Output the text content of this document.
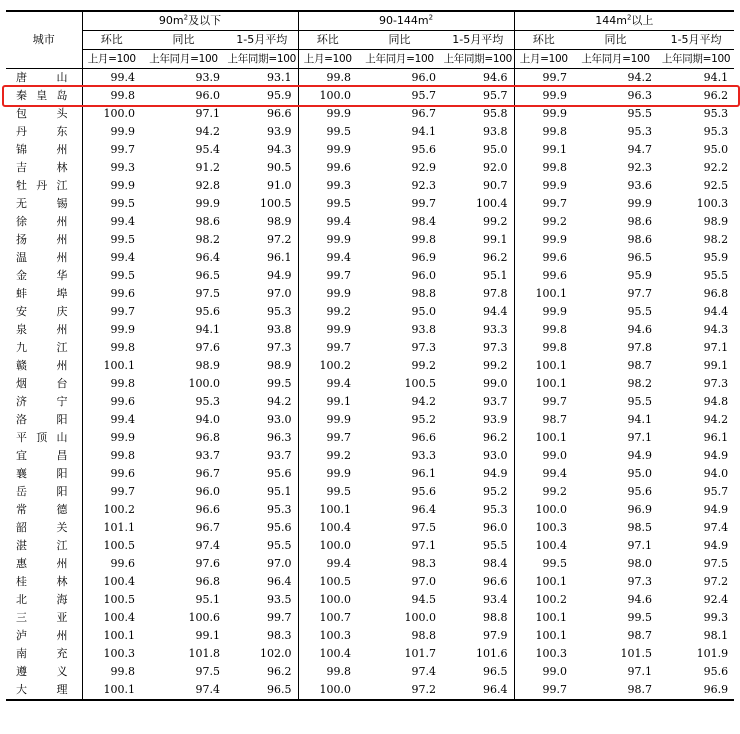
城市	$90m^2$及以下			$90-144m^2$			$144m^2$以上		
	环比	同比	1-5月平均	环比	同比	1-5月平均	环比	同比	1-5月平均
	上月=100	上年同月=100	上年同期=100	上月=100	上年同月=100	上年同期=100	上月=100	上年同月=100	上年同期=100

唐 山	99.4	93.9	93.1	99.8	96.0	94.6	99.7	94.2	94.1

秦 皇 岛	99.8	96.0	95.9	100.0	95.7	95.7	99.9	96.3	96.2

包 头	100.0	97.1	96.6	99.9	96.7	95.8	99.9	95.5	95.3

丹 东	99.9	94.2	93.9	99.5	94.1	93.8	99.8	95.3	95.3

锦 州	99.7	95.4	94.3	99.9	95.6	95.0	99.1	94.7	95.0

吉 林	99.3	91.2	90.5	99.6	92.9	92.0	99.8	92.3	92.2

牡 丹 江	99.9	92.8	91.0	99.3	92.3	90.7	99.9	93.6	92.5

无 锡	99.5	99.9	100.5	99.5	99.7	100.4	99.7	99.9	100.3

徐 州	99.4	98.6	98.9	99.4	98.4	99.2	99.2	98.6	98.9

扬 州	99.5	98.2	97.2	99.9	99.8	99.1	99.9	98.6	98.2

温 州	99.4	96.4	96.1	99.4	96.9	96.2	99.6	96.5	95.9

金 华	99.5	96.5	94.9	99.7	96.0	95.1	99.6	95.9	95.5

蚌 埠	99.6	97.5	97.0	99.9	98.8	97.8	100.1	97.7	96.8

安 庆	99.7	95.6	95.3	99.2	95.0	94.4	99.9	95.5	94.4

泉 州	99.9	94.1	93.8	99.9	93.8	93.3	99.8	94.6	94.3

九 江	99.8	97.6	97.3	99.7	97.3	97.3	99.8	97.8	97.1

赣 州	100.1	98.9	98.9	100.2	99.2	99.2	100.1	98.7	99.1

烟 台	99.8	100.0	99.5	99.4	100.5	99.0	100.1	98.2	97.3

济 宁	99.6	95.3	94.2	99.1	94.2	93.7	99.7	95.5	94.8

洛 阳	99.4	94.0	93.0	99.9	95.2	93.9	98.7	94.1	94.2

平 顶 山	99.9	96.8	96.3	99.7	96.6	96.2	100.1	97.1	96.1

宜 昌	99.8	93.7	93.7	99.2	93.3	93.0	99.0	94.9	94.9

襄 阳	99.6	96.7	95.6	99.9	96.1	94.9	99.4	95.0	94.0

岳 阳	99.7	96.0	95.1	99.5	95.6	95.2	99.2	95.6	95.7

常 德	100.2	96.6	95.3	100.1	96.4	95.3	100.0	96.9	94.9

韶 关	101.1	96.7	95.6	100.4	97.5	96.0	100.3	98.5	97.4

湛 江	100.5	97.4	95.5	100.0	97.1	95.5	100.4	97.1	94.9

惠 州	99.6	97.6	97.0	99.4	98.3	98.4	99.5	98.0	97.5

桂 林	100.4	96.8	96.4	100.5	97.0	96.6	100.1	97.3	97.2

北 海	100.5	95.1	93.5	100.0	94.5	93.4	100.2	94.6	92.4

三 亚	100.4	100.6	99.7	100.7	100.0	98.8	100.1	99.5	99.3

泸 州	100.1	99.1	98.3	100.3	98.8	97.9	100.1	98.7	98.1

南 充	100.3	101.8	102.0	100.4	101.7	101.6	100.3	101.5	101.9

遵 义	99.8	97.5	96.2	99.8	97.4	96.5	99.0	97.1	95.6

大 理	100.1	97.4	96.5	100.0	97.2	96.4	99.7	98.7	96.9
